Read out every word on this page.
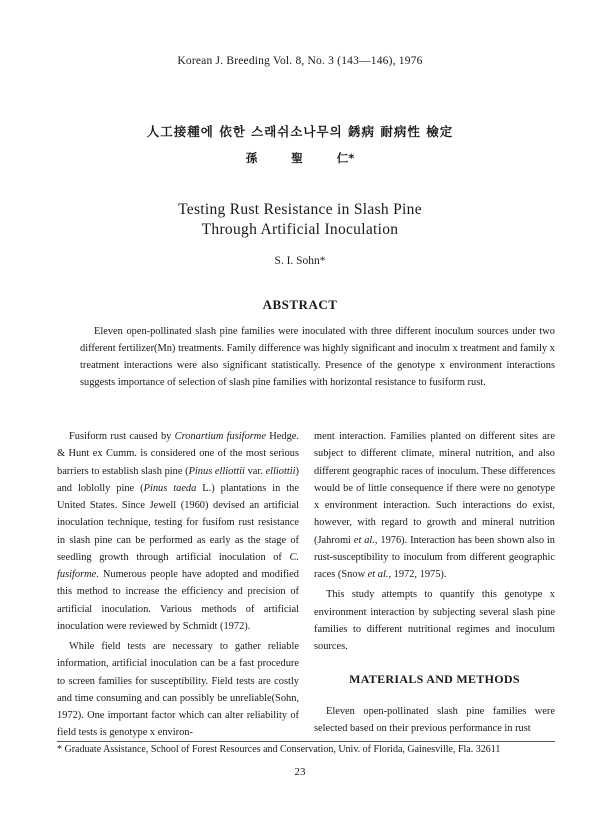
Korean J. Breeding Vol. 8, No. 3 (143—146), 1976
人工接種에 依한 스래쉬소나무의 銹病 耐病性 檢定
孫 聖 仁*
Testing Rust Resistance in Slash Pine
Through Artificial Inoculation
S. I. Sohn*
ABSTRACT
Eleven open-pollinated slash pine families were inoculated with three different inoculum sources under two different fertilizer(Mn) treatments. Family difference was highly significant and inoculm x treatment and family x treatment interactions were also significant statistically. Presence of the genotype x environment interactions suggests importance of selection of slash pine families with horizontal resistance to fusiform rust.

Fusiform rust caused by Cronartium fusiforme Hedge. & Hunt ex Cumm. is considered one of the most serious barriers to establish slash pine (Pinus elliottii var. elliottii) and loblolly pine (Pinus taeda L.) plantations in the United States. Since Jewell (1960) devised an artificial inoculation technique, testing for fusifom rust resistance in slash pine can be performed as early as the stage of seedling growth through artificial inoculation of C. fusiforme. Numerous people have adopted and modified this method to increase the efficiency and precision of artificial inoculation. Various methods of artificial inoculation were reviewed by Schmidt (1972).

While field tests are necessary to gather reliable information, artificial inoculation can be a fast procedure to screen families for susceptibility. Field tests are costly and time consuming and can possibly be unreliable(Sohn, 1972). One important factor which can alter reliability of field tests is genotype x environ-

ment interaction. Families planted on different sites are subject to different climate, mineral nutrition, and also different geographic races of inoculum. These differences would be of little consequence if there were no genotype x environment interaction. Such interactions do exist, however, with regard to growth and mineral nutrition (Jahromi et al., 1976). Interaction has been shown also in rust-susceptibility to inoculum from different geographic races (Snow et al., 1972, 1975).

This study attempts to quantify this genotype x environment interaction by subjecting several slash pine families to different nutritional regimes and inoculum sources.

MATERIALS AND METHODS

Eleven open-pollinated slash pine families were selected based on their previous performance in rust

* Graduate Assistance, School of Forest Resources and Conservation, Univ. of Florida, Gainesville, Fla. 32611
23
